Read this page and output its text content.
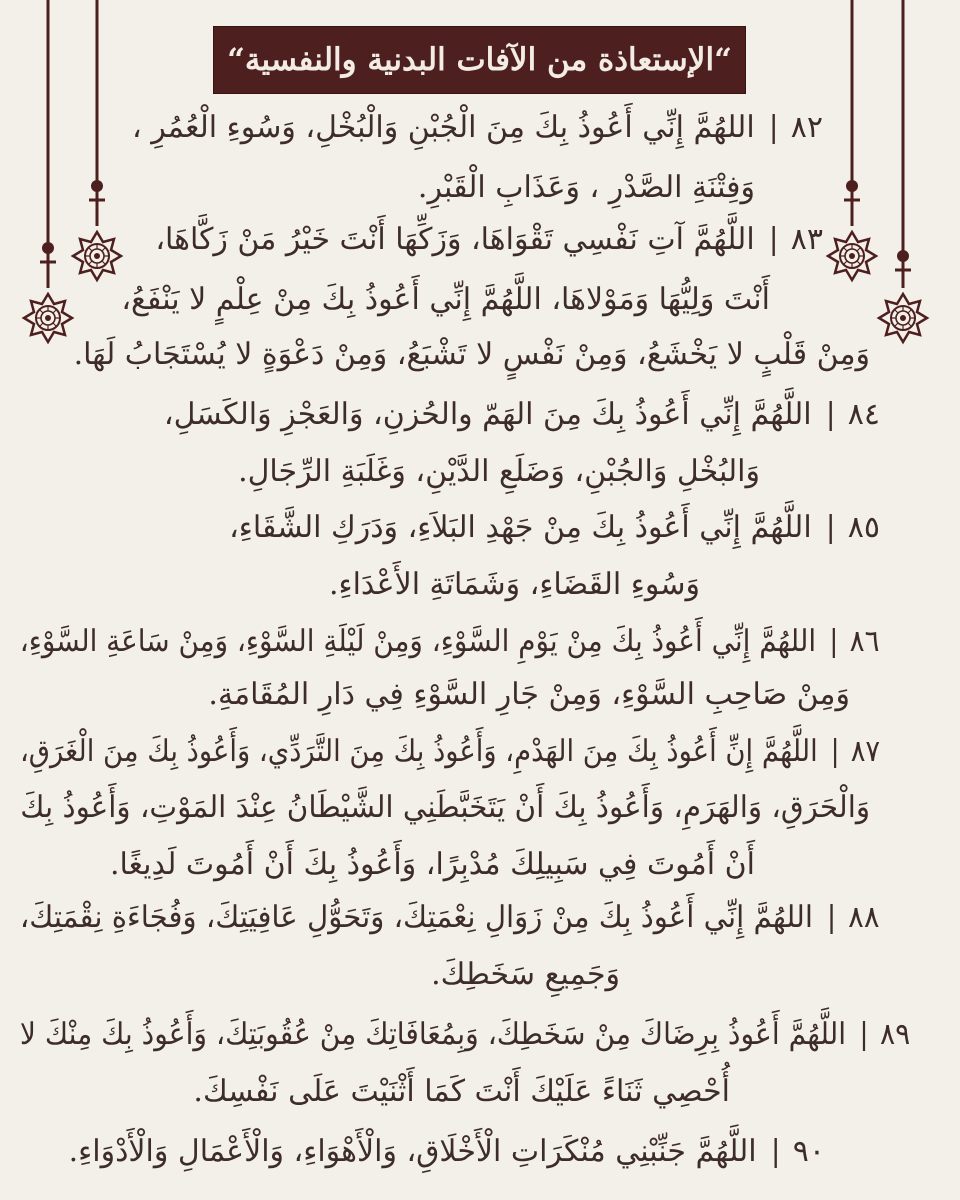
“الإستعاذة من الآفات البدنية والنفسية“
٨٢|اللهُمَّ إِنِّي أَعُوذُ بِكَ مِنَ الْجُبْنِ وَالْبُخْلِ، وَسُوءِ الْعُمُرِ ،
وَفِتْنَةِ الصَّدْرِ ، وَعَذَابِ الْقَبْرِ.
٨٣|اللَّهُمَّ آتِ نَفْسِي تَقْوَاهَا، وَزَكِّهَا أَنْتَ خَيْرُ مَنْ زَكَّاهَا،
أَنْتَ وَلِيُّهَا وَمَوْلاهَا، اللَّهُمَّ إِنِّي أَعُوذُ بِكَ مِنْ عِلْمٍ لا يَنْفَعُ،
وَمِنْ قَلْبٍ لا يَخْشَعُ، وَمِنْ نَفْسٍ لا تَشْبَعُ، وَمِنْ دَعْوَةٍ لا يُسْتَجَابُ لَهَا.
٨٤|اللَّهُمَّ إِنِّي أَعُوذُ بِكَ مِنَ الهَمّ والحُزنِ، وَالعَجْزِ وَالكَسَلِ،
وَالبُخْلِ وَالجُبْنِ، وَضَلَعِ الدَّيْنِ، وَغَلَبَةِ الرِّجَالِ.
٨٥|اللَّهُمَّ إِنِّي أَعُوذُ بِكَ مِنْ جَهْدِ البَلاَءِ، وَدَرَكِ الشَّقَاءِ،
وَسُوءِ القَضَاءِ، وَشَمَاتَةِ الأَعْدَاءِ.
٨٦|اللهُمَّ إِنِّي أَعُوذُ بِكَ مِنْ يَوْمِ السَّوْءِ، وَمِنْ لَيْلَةِ السَّوْءِ، وَمِنْ سَاعَةِ السَّوْءِ،
وَمِنْ صَاحِبِ السَّوْءِ، وَمِنْ جَارِ السَّوْءِ فِي دَارِ المُقَامَةِ.
٨٧|اللَّهُمَّ إِنِّ أَعُوذُ بِكَ مِنَ الهَدْمِ، وَأَعُوذُ بِكَ مِنَ التَّرَدِّي، وَأَعُوذُ بِكَ مِنَ الْغَرَقِ،
وَالْحَرَقِ، وَالهَرَمِ، وَأَعُوذُ بِكَ أَنْ يَتَخَبَّطَنِي الشَّيْطَانُ عِنْدَ المَوْتِ، وَأَعُوذُ بِكَ
أَنْ أَمُوتَ فِي سَبِيلِكَ مُدْبِرًا، وَأَعُوذُ بِكَ أَنْ أَمُوتَ لَدِيغًا.
٨٨|اللهُمَّ إِنِّي أَعُوذُ بِكَ مِنْ زَوَالِ نِعْمَتِكَ، وَتَحَوُّلِ عَافِيَتِكَ، وَفُجَاءَةِ نِقْمَتِكَ،
وَجَمِيعِ سَخَطِكَ.
٨٩|اللَّهُمَّ أَعُوذُ بِرِضَاكَ مِنْ سَخَطِكَ، وَبِمُعَافَاتِكَ مِنْ عُقُوبَتِكَ، وَأَعُوذُ بِكَ مِنْكَ لا
أُحْصِي ثَنَاءً عَلَيْكَ أَنْتَ كَمَا أَثْنَيْتَ عَلَى نَفْسِكَ.
٩٠|اللَّهُمَّ جَنِّبْنِي مُنْكَرَاتِ الْأَخْلَاقِ، وَالْأَهْوَاءِ، وَالْأَعْمَالِ وَالْأَدْوَاءِ.
